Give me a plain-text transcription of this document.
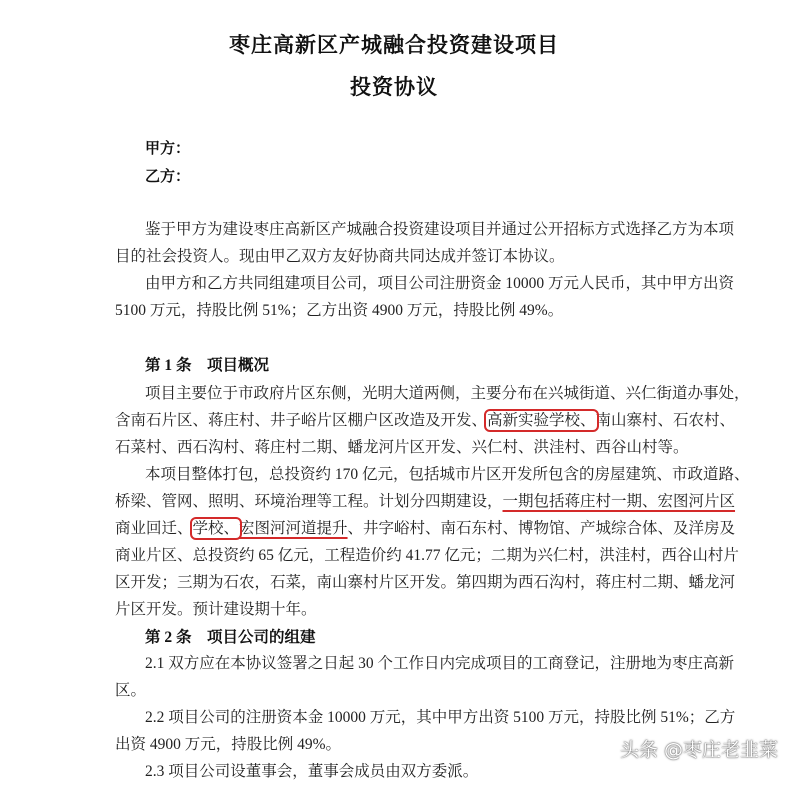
枣庄高新区产城融合投资建设项目
投资协议
甲方：
乙方：
鉴于甲方为建设枣庄高新区产城融合投资建设项目并通过公开招标方式选择乙方为本项
目的社会投资人。现由甲乙双方友好协商共同达成并签订本协议。
由甲方和乙方共同组建项目公司，项目公司注册资金 10000 万元人民币，其中甲方出资
5100 万元，持股比例 51%；乙方出资 4900 万元，持股比例 49%。
第 1 条　项目概况
项目主要位于市政府片区东侧，光明大道两侧，主要分布在兴城街道、兴仁街道办事处，
含南石片区、蒋庄村、井子峪片区棚户区改造及开发、高新实验学校、南山寨村、石农村、
石菜村、西石沟村、蒋庄村二期、蟠龙河片区开发、兴仁村、洪洼村、西谷山村等。
本项目整体打包，总投资约 170 亿元，包括城市片区开发所包含的房屋建筑、市政道路、
桥梁、管网、照明、环境治理等工程。计划分四期建设，一期包括蒋庄村一期、宏图河片区
商业回迁、学校、宏图河河道提升、井字峪村、南石东村、博物馆、产城综合体、及洋房及
商业片区、总投资约 65 亿元，工程造价约 41.77 亿元；二期为兴仁村，洪洼村，西谷山村片
区开发；三期为石农，石菜，南山寨村片区开发。第四期为西石沟村，蒋庄村二期、蟠龙河
片区开发。预计建设期十年。
第 2 条　项目公司的组建
2.1 双方应在本协议签署之日起 30 个工作日内完成项目的工商登记，注册地为枣庄高新
区。
2.2 项目公司的注册资本金 10000 万元，其中甲方出资 5100 万元，持股比例 51%；乙方
出资 4900 万元，持股比例 49%。
2.3 项目公司设董事会，董事会成员由双方委派。
头条 @枣庄老韭菜
